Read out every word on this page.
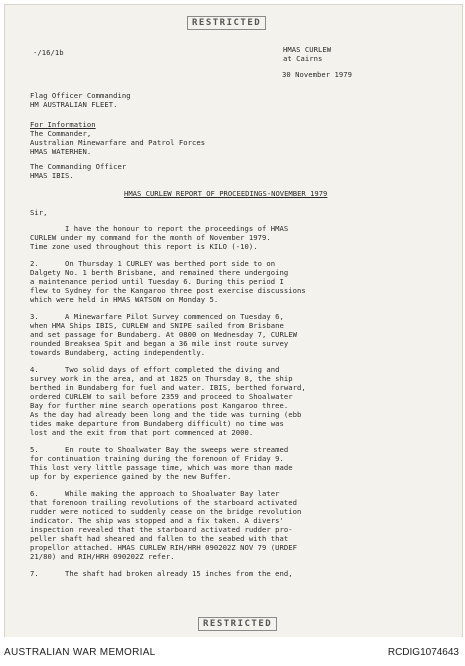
RESTRICTED
-/16/1b	HMAS CURLEW
at Cairns
30 November 1979
Flag Officer Commanding
HM AUSTRALIAN FLEET.
For Information
The Commander,
Australian Minewarfare and Patrol Forces
HMAS WATERHEN.
The Commanding Officer
HMAS IBIS.
HMAS CURLEW REPORT OF PROCEEDINGS-NOVEMBER 1979
Sir,
I have the honour to report the proceedings of HMAS
CURLEW under my command for the month of November 1979.
Time zone used throughout this report is KILO (-10).
2.      On Thursday 1 CURLEY was berthed port side to on
Dalgety No. 1 berth Brisbane, and remained there undergoing
a maintenance period until Tuesday 6. During this period I
flew to Sydney for the Kangaroo three post exercise discussions
which were held in HMAS WATSON on Monday 5.
3.      A Minewarfare Pilot Survey commenced on Tuesday 6,
when HMA Ships IBIS, CURLEW and SNIPE sailed from Brisbane
and set passage for Bundaberg. At 0800 on Wednesday 7, CURLEW
rounded Breaksea Spit and began a 36 mile inst route survey
towards Bundaberg, acting independently.
4.      Two solid days of effort completed the diving and
survey work in the area, and at 1825 on Thursday 8, the ship
berthed in Bundaberg for fuel and water. IBIS, berthed forward,
ordered CURLEW to sail before 2359 and proceed to Shoalwater
Bay for further mine search operations post Kangaroo three.
As the day had already been long and the tide was turning (ebb
tides make departure from Bundaberg difficult) no time was
lost and the exit from that port commenced at 2000.
5.      En route to Shoalwater Bay the sweeps were streamed
for continuation training during the forenoon of Friday 9.
This lost very little passage time, which was more than made
up for by experience gained by the new Buffer.
6.      While making the approach to Shoalwater Bay later
that forenoon trailing revolutions of the starboard activated
rudder were noticed to suddenly cease on the bridge revolution
indicator. The ship was stopped and a fix taken. A divers'
inspection revealed that the starboard activated rudder pro-
peller shaft had sheared and fallen to the seabed with that
propellor attached. HMAS CURLEW RIH/HRH 090202Z NOV 79 (URDEF
21/80) and RIH/HRH 090202Z refer.
7.      The shaft had broken already 15 inches from the end,
RESTRICTED
AUSTRALIAN WAR MEMORIAL	RCDIG1074643
